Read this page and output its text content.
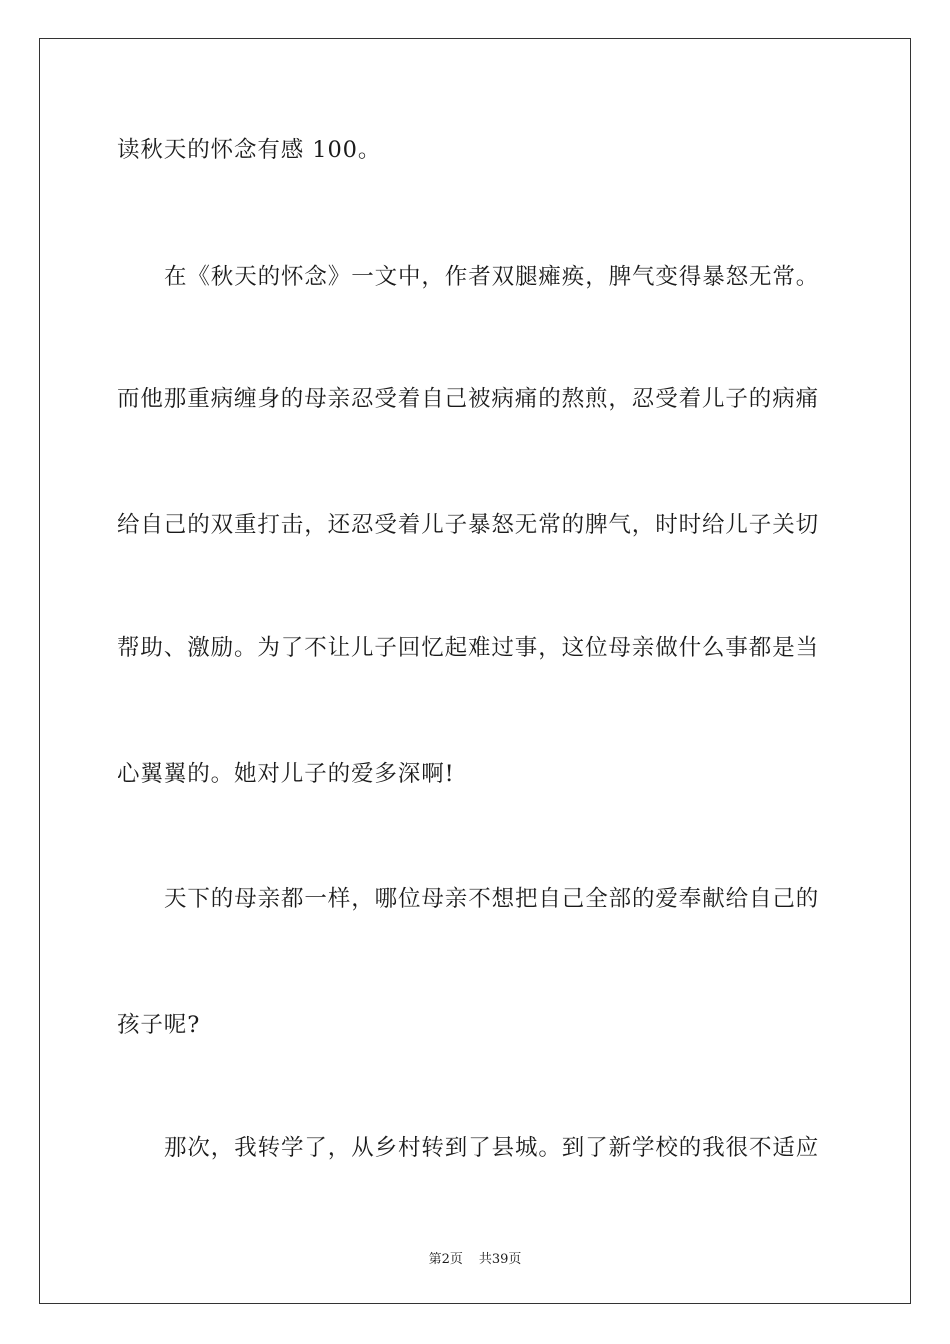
读秋天的怀念有感 100。
在《秋天的怀念》一文中，作者双腿瘫痪，脾气变得暴怒无常。
而他那重病缠身的母亲忍受着自己被病痛的熬煎，忍受着儿子的病痛
给自己的双重打击，还忍受着儿子暴怒无常的脾气，时时给儿子关切
帮助、激励。为了不让儿子回忆起难过事，这位母亲做什么事都是当
心翼翼的。她对儿子的爱多深啊!
天下的母亲都一样，哪位母亲不想把自己全部的爱奉献给自己的
孩子呢?
那次，我转学了，从乡村转到了县城。到了新学校的我很不适应
第2页 共39页
